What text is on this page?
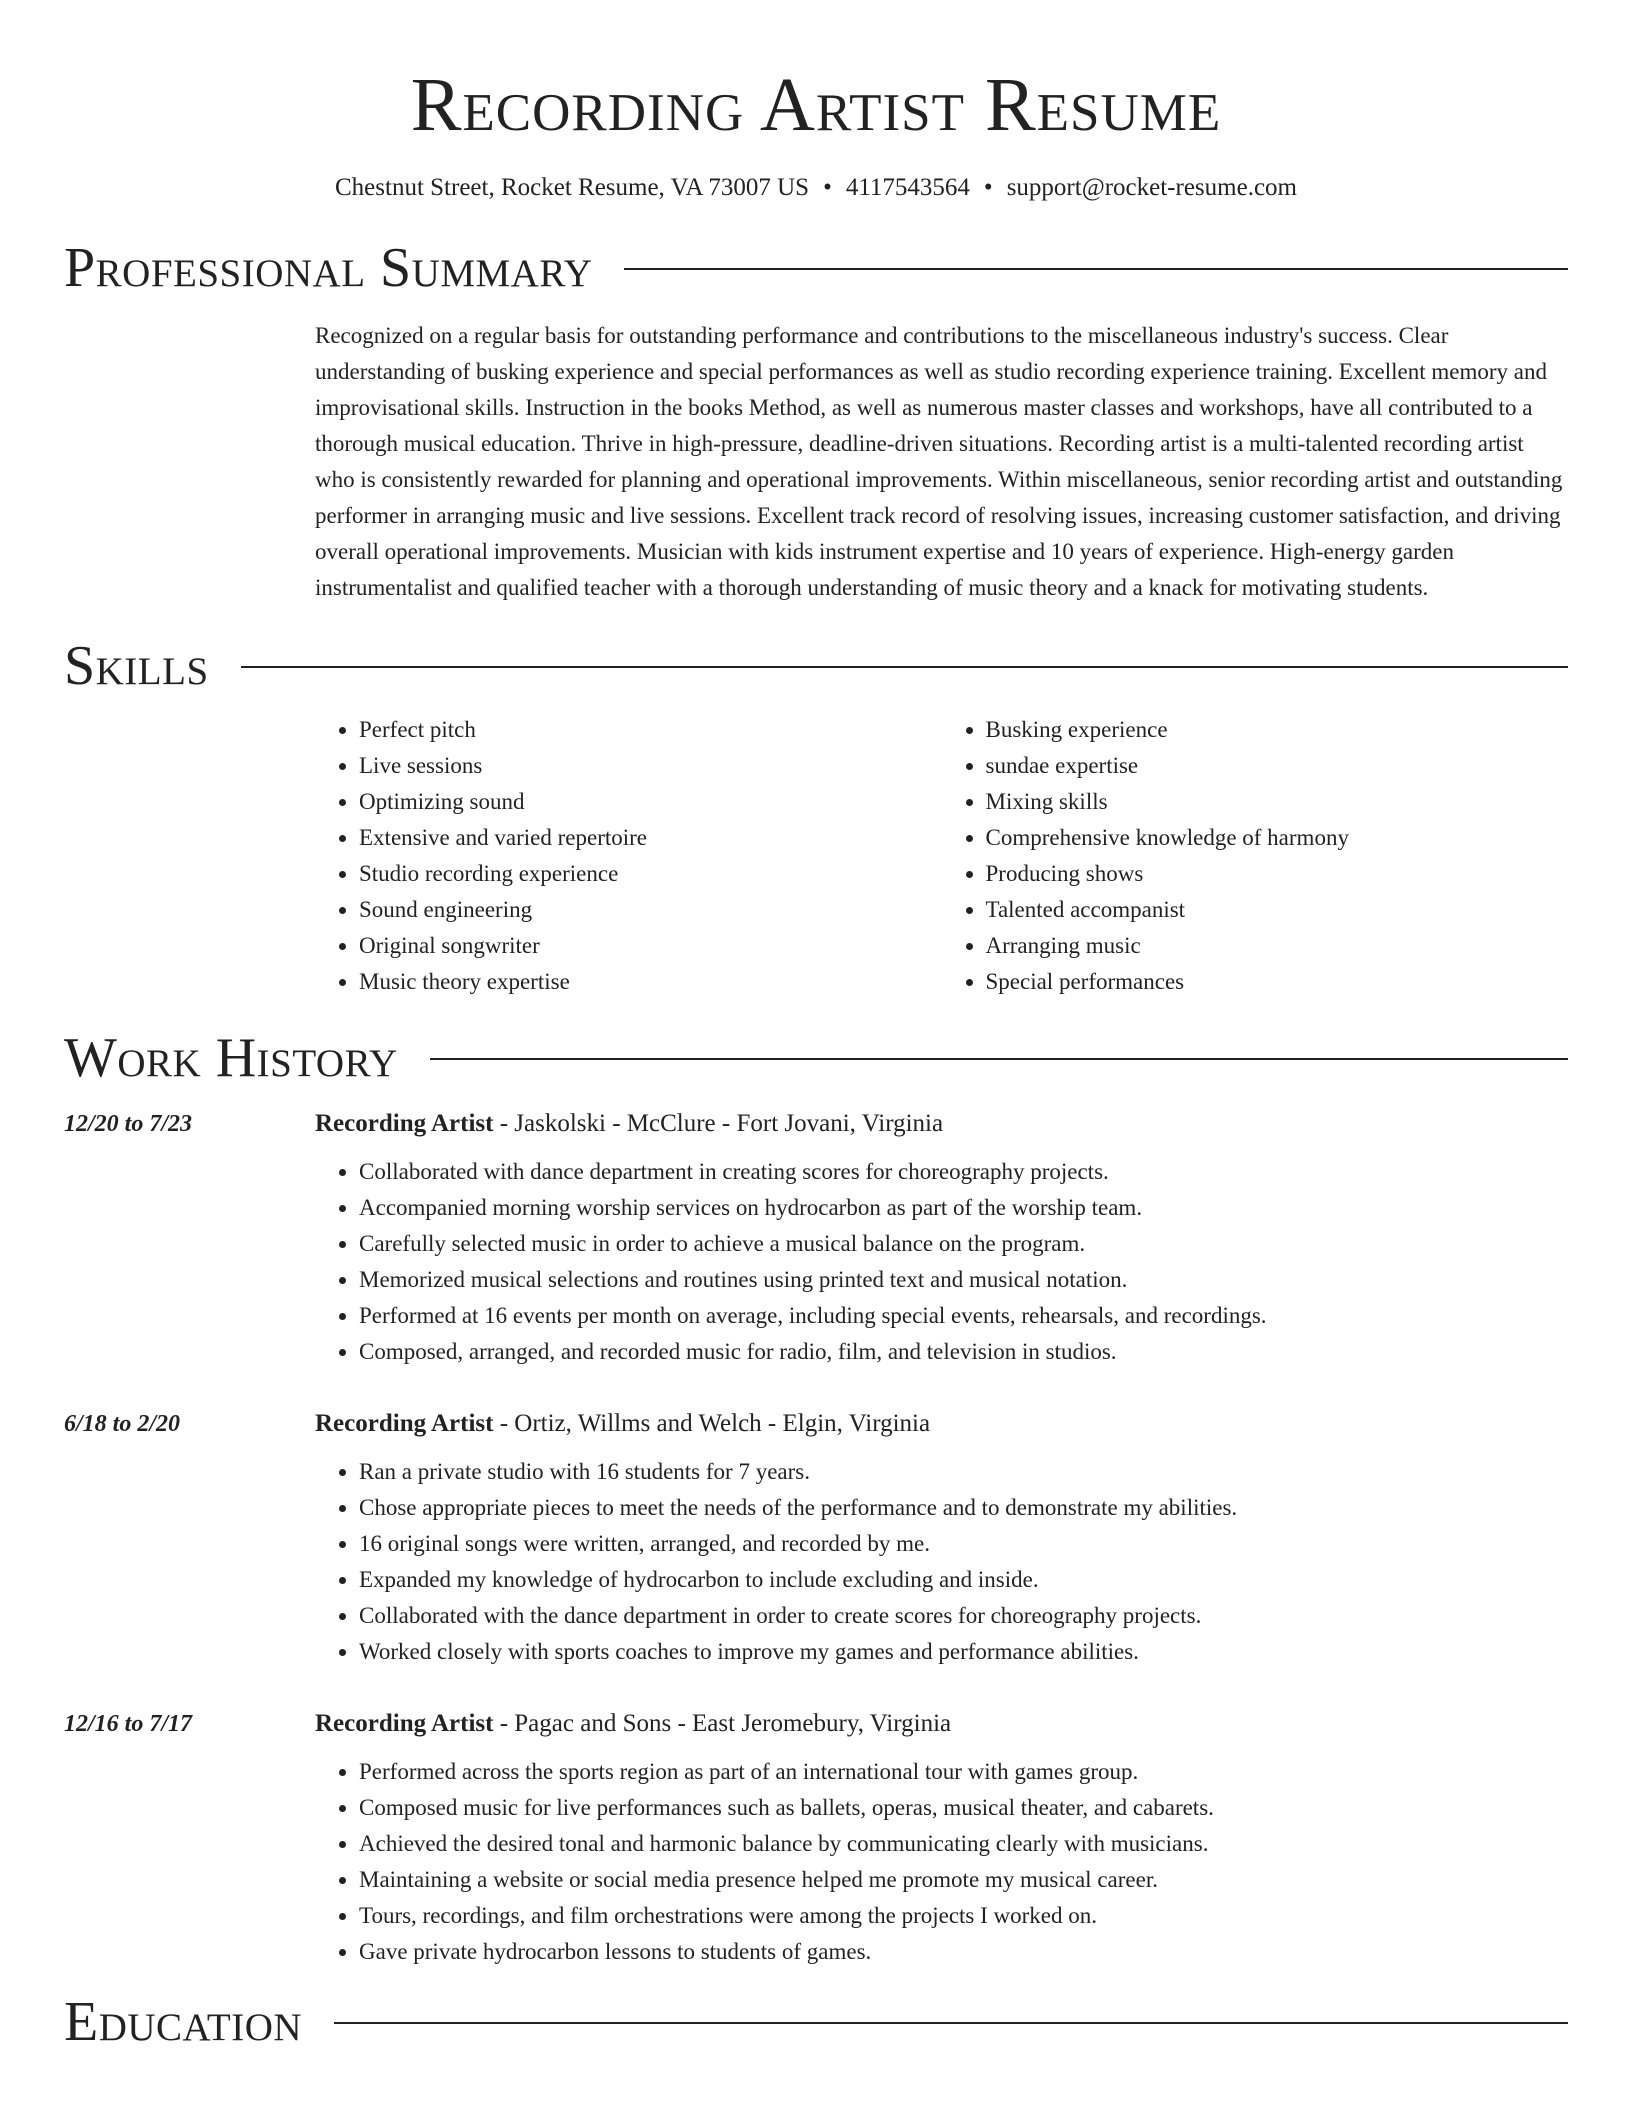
Recording Artist Resume
Chestnut Street, Rocket Resume, VA 73007 US • 4117543564 • support@rocket-resume.com
Professional Summary

Recognized on a regular basis for outstanding performance and contributions to the miscellaneous industry's success. Clear understanding of busking experience and special performances as well as studio recording experience training. Excellent memory and improvisational skills. Instruction in the books Method, as well as numerous master classes and workshops, have all contributed to a thorough musical education. Thrive in high-pressure, deadline-driven situations. Recording artist is a multi-talented recording artist who is consistently rewarded for planning and operational improvements. Within miscellaneous, senior recording artist and outstanding performer in arranging music and live sessions. Excellent track record of resolving issues, increasing customer satisfaction, and driving overall operational improvements. Musician with kids instrument expertise and 10 years of experience. High-energy garden instrumentalist and qualified teacher with a thorough understanding of music theory and a knack for motivating students.

Skills
• Perfect pitch
• Live sessions
• Optimizing sound
• Extensive and varied repertoire
• Studio recording experience
• Sound engineering
• Original songwriter
• Music theory expertise
• Busking experience
• sundae expertise
• Mixing skills
• Comprehensive knowledge of harmony
• Producing shows
• Talented accompanist
• Arranging music
• Special performances
Work History
12/20 to 7/23	Recording Artist - Jaskolski - McClure - Fort Jovani, Virginia
• Collaborated with dance department in creating scores for choreography projects.
• Accompanied morning worship services on hydrocarbon as part of the worship team.
• Carefully selected music in order to achieve a musical balance on the program.
• Memorized musical selections and routines using printed text and musical notation.
• Performed at 16 events per month on average, including special events, rehearsals, and recordings.
• Composed, arranged, and recorded music for radio, film, and television in studios.
6/18 to 2/20	Recording Artist - Ortiz, Willms and Welch - Elgin, Virginia
• Ran a private studio with 16 students for 7 years.
• Chose appropriate pieces to meet the needs of the performance and to demonstrate my abilities.
• 16 original songs were written, arranged, and recorded by me.
• Expanded my knowledge of hydrocarbon to include excluding and inside.
• Collaborated with the dance department in order to create scores for choreography projects.
• Worked closely with sports coaches to improve my games and performance abilities.
12/16 to 7/17	Recording Artist - Pagac and Sons - East Jeromebury, Virginia
• Performed across the sports region as part of an international tour with games group.
• Composed music for live performances such as ballets, operas, musical theater, and cabarets.
• Achieved the desired tonal and harmonic balance by communicating clearly with musicians.
• Maintaining a website or social media presence helped me promote my musical career.
• Tours, recordings, and film orchestrations were among the projects I worked on.
• Gave private hydrocarbon lessons to students of games.
Education
